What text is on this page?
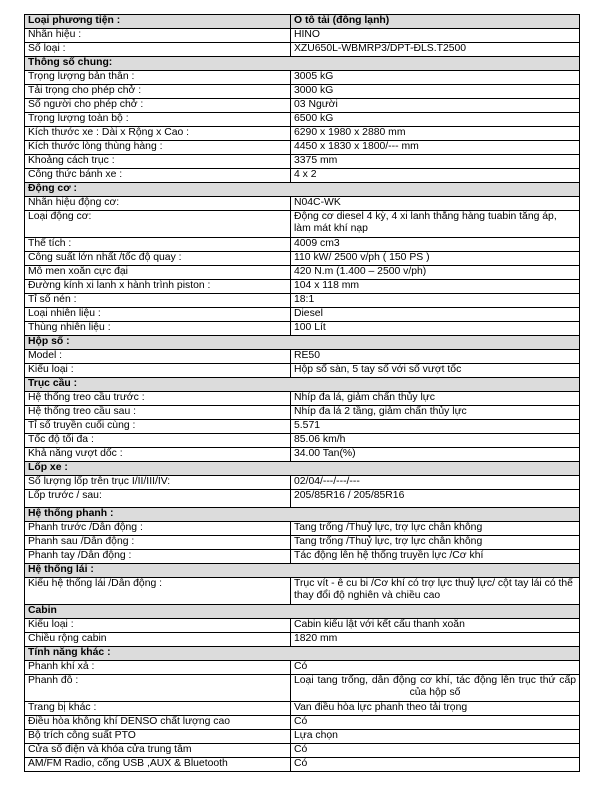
Loại phương tiện :	Ô tô tải (đông lạnh)
Nhãn hiệu :	HINO
Số loại :	XZU650L-WBMRP3/DPT-ĐLS.T2500
Thông số chung:	
Trọng lượng bản thân :	3005 kG
Tải trọng cho phép chở :	3000 kG
Số người cho phép chở :	03 Người
Trọng lượng toàn bộ :	6500 kG
Kích thước xe : Dài x Rộng x Cao :	6290 x 1980 x 2880 mm
Kích thước lòng thùng hàng :	4450 x 1830 x 1800/--- mm
Khoảng cách trục :	3375 mm
Công thức bánh xe :	4 x 2
Động cơ :	
Nhãn hiệu động cơ:	N04C-WK
Loại động cơ:	Động cơ diesel 4 kỳ, 4 xi lanh thẳng hàng tuabin tăng áp, làm mát khí nạp
Thể tích :	4009 cm3
Công suất lớn nhất /tốc độ quay :	110 kW/ 2500 v/ph ( 150 PS )
Mô men xoắn cực đại	420 N.m (1.400 – 2500 v/ph)
Đường kính xi lanh x hành trình piston :	104 x 118 mm
Tỉ số nén :	18:1
Loại nhiên liệu :	Diesel
Thùng nhiên liệu :	100 Lít
Hộp số :	
Model :	RE50
Kiểu loại :	Hộp số sàn, 5 tay số với số vượt tốc
Trục cầu :	
Hệ thống treo cầu trước :	Nhíp đa lá, giảm chấn thủy lực
Hệ thống treo cầu sau :	Nhíp đa lá 2 tầng, giảm chấn thủy lực
Tỉ số truyền cuối cùng :	5.571
Tốc độ tối đa :	85.06 km/h
Khả năng vượt dốc :	34.00 Tan(%)
Lốp xe :	
Số lượng lốp trên trục I/II/III/IV:	02/04/---/---/---
Lốp trước / sau:	205/85R16 / 205/85R16
Hệ thống phanh :	
Phanh trước /Dẫn động :	Tang trống /Thuỷ lực, trợ lực chân không
Phanh sau /Dẫn động :	Tang trống /Thuỷ lực, trợ lực chân không
Phanh tay /Dẫn động :	Tác động lên hệ thống truyền lực /Cơ khí
Hệ thống lái :	
Kiểu hệ thống lái /Dẫn động :	Trục vít - ê cu bi /Cơ khí có trợ lực thuỷ lực/ cột tay lái có thể thay đổi độ nghiên và chiều cao
Cabin	
Kiểu loại :	Cabin kiểu lật với kết cấu thanh xoắn
Chiều rộng cabin	1820 mm
Tính năng khác :	
Phanh khí xả :	Có
Phanh đỗ :	Loại tang trống, dẫn động cơ khí, tác động lên trục thứ cấp của hộp số
Trang bị khác :	Van điều hòa lực phanh theo tải trọng
Điều hòa không khí DENSO chất lượng cao	Có
Bộ trích công suất PTO	Lựa chọn
Cửa sổ điện và khóa cửa trung tâm	Có
AM/FM Radio, cổng USB ,AUX & Bluetooth	Có
